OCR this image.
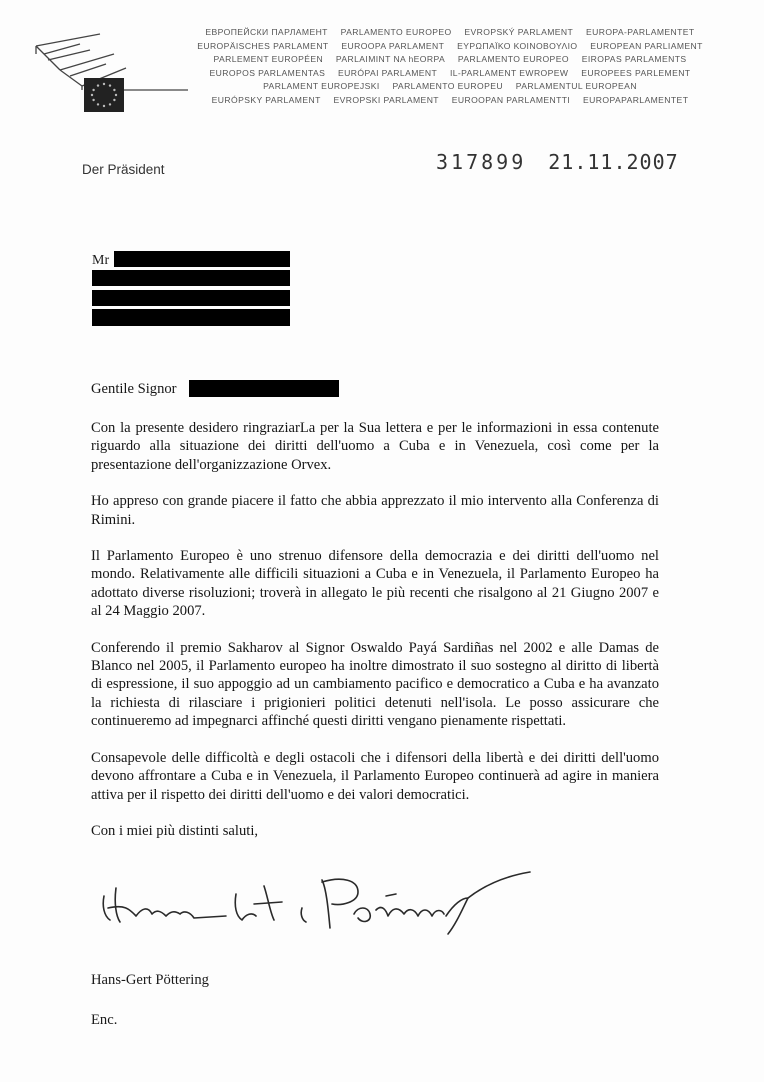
ЕВРОПЕЙСКИ ПАРЛАМЕНТ PARLAMENTO EUROPEO EVROPSKÝ PARLAMENT EUROPA-PARLAMENTET
EUROPÄISCHES PARLAMENT EUROOPA PARLAMENT ΕΥΡΩΠΑΪΚΟ ΚΟΙΝΟΒΟΥΛΙΟ EUROPEAN PARLIAMENT
PARLEMENT EUROPÉEN PARLAIMINT NA hEORPA PARLAMENTO EUROPEO EIROPAS PARLAMENTS
EUROPOS PARLAMENTAS EURÓPAI PARLAMENT IL-PARLAMENT EWROPEW EUROPEES PARLEMENT
PARLAMENT EUROPEJSKI PARLAMENTO EUROPEU PARLAMENTUL EUROPEAN
EURÓPSKY PARLAMENT EVROPSKI PARLAMENT EUROOPAN PARLAMENTTI EUROPAPARLAMENTET
Der Präsident	317899 21.11.2007
Mr

Gentile Signor

Con la presente desidero ringraziarLa per la Sua lettera e per le informazioni in essa contenute riguardo alla situazione dei diritti dell'uomo a Cuba e in Venezuela, così come per la presentazione dell'organizzazione Orvex.

Ho appreso con grande piacere il fatto che abbia apprezzato il mio intervento alla Conferenza di Rimini.

Il Parlamento Europeo è uno strenuo difensore della democrazia e dei diritti dell'uomo nel mondo. Relativamente alle difficili situazioni a Cuba e in Venezuela, il Parlamento Europeo ha adottato diverse risoluzioni; troverà in allegato le più recenti che risalgono al 21 Giugno 2007 e al 24 Maggio 2007.

Conferendo il premio Sakharov al Signor Oswaldo Payá Sardiñas nel 2002 e alle Damas de Blanco nel 2005, il Parlamento europeo ha inoltre dimostrato il suo sostegno al diritto di libertà di espressione, il suo appoggio ad un cambiamento pacifico e democratico a Cuba e ha avanzato la richiesta di rilasciare i prigionieri politici detenuti nell'isola. Le posso assicurare che continueremo ad impegnarci affinché questi diritti vengano pienamente rispettati.

Consapevole delle difficoltà e degli ostacoli che i difensori della libertà e dei diritti dell'uomo devono affrontare a Cuba e in Venezuela, il Parlamento Europeo continuerà ad agire in maniera attiva per il rispetto dei diritti dell'uomo e dei valori democratici.

Con i miei più distinti saluti,

Hans-Gert Pöttering
Enc.
